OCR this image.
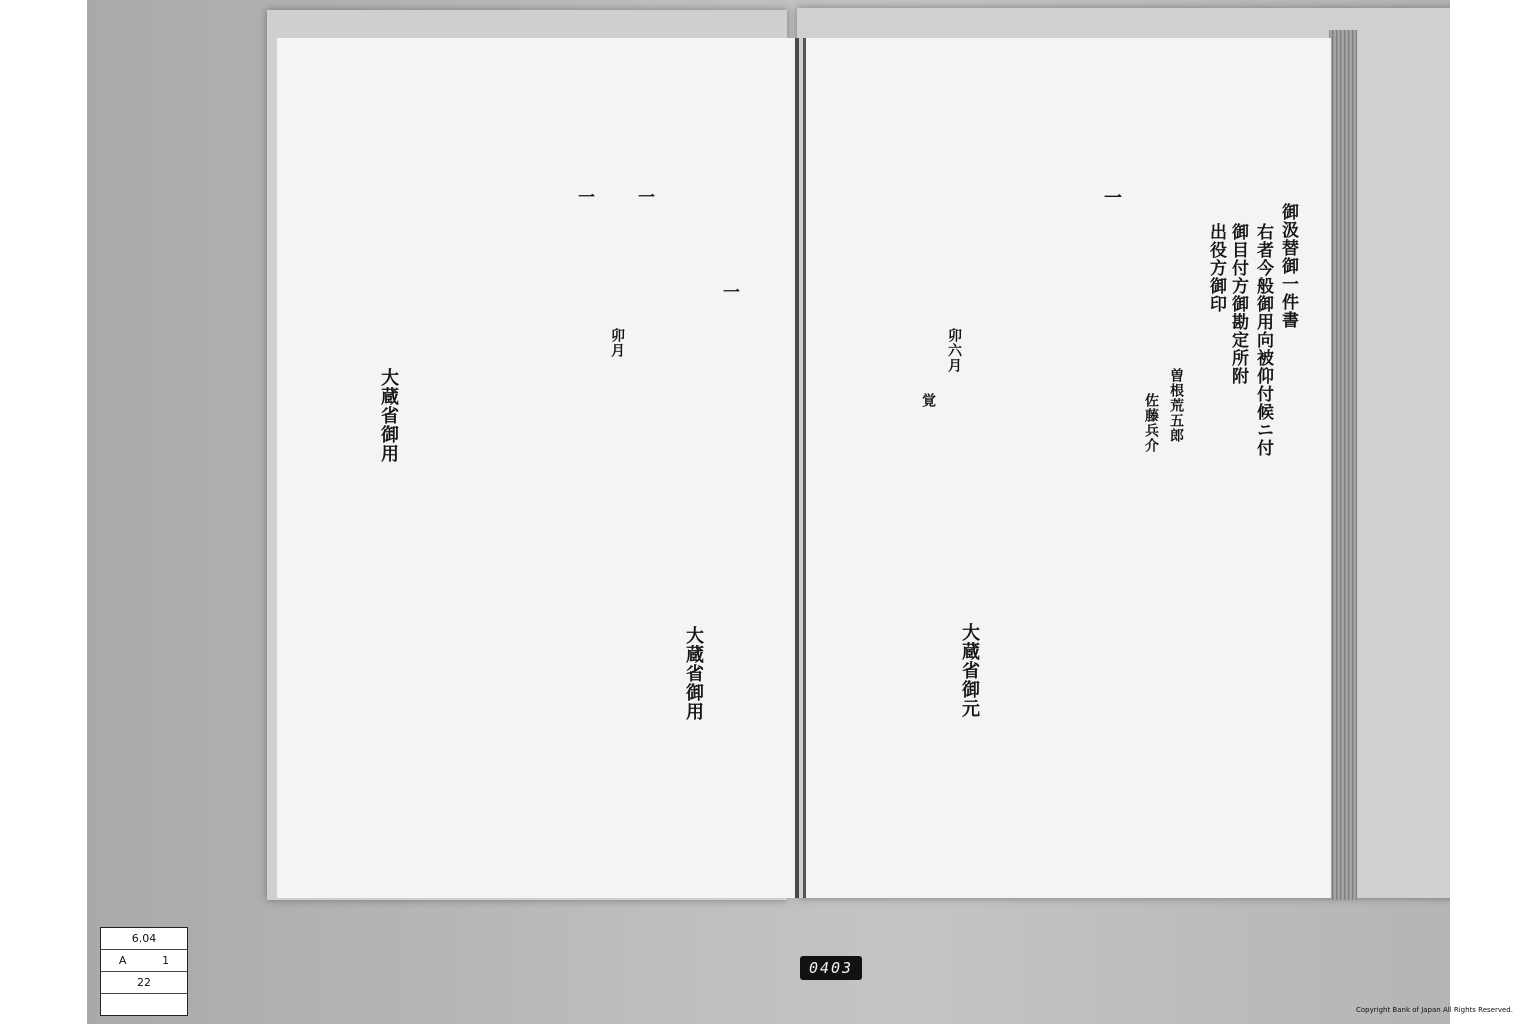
一
一
一
卯月
大蔵省御用
大蔵省御用
御汲替御一件書
右者今般御用向被仰付候ニ付
御目付方御勘定所附
出役方御印
一
曽根荒五郎
佐藤兵介
大蔵省御元
卯六月
覚
6.04
A	1
22
0403
Copyright Bank of Japan All Rights Reserved.
